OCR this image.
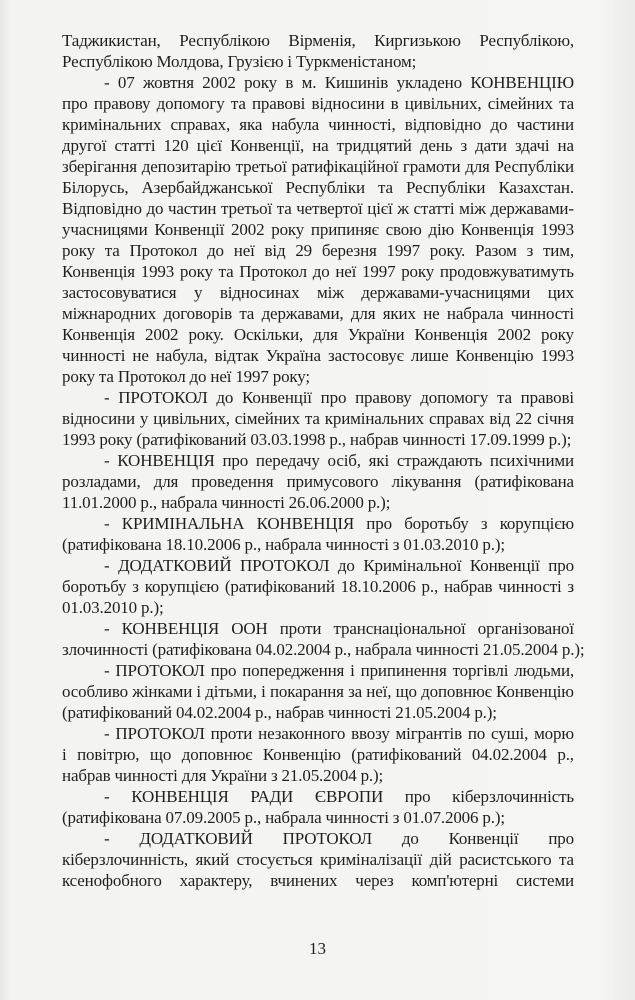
Таджикистан, Республікою Вірменія, Киргизькою Республікою,
Республікою Молдова, Грузією і Туркменістаном;
- 07 жовтня 2002 року в м. Кишинів укладено КОНВЕНЦІЮ
про правову допомогу та правові відносини в цивільних, сімейних та
кримінальних справах, яка набула чинності, відповідно до частини
другої статті 120 цієї Конвенції, на тридцятий день з дати здачі на
зберігання депозитарію третьої ратифікаційної грамоти для Республіки
Білорусь, Азербайджанської Республіки та Республіки Казахстан.
Відповідно до частин третьої та четвертої цієї ж статті між державами-
учасницями Конвенції 2002 року припиняє свою дію Конвенція 1993
року та Протокол до неї від 29 березня 1997 року. Разом з тим,
Конвенція 1993 року та Протокол до неї 1997 року продовжуватимуть
застосовуватися у відносинах між державами-учасницями цих
міжнародних договорів та державами, для яких не набрала чинності
Конвенція 2002 року. Оскільки, для України Конвенція 2002 року
чинності не набула, відтак Україна застосовує лише Конвенцію 1993
року та Протокол до неї 1997 року;
- ПРОТОКОЛ до Конвенції про правову допомогу та правові
відносини у цивільних, сімейних та кримінальних справах від 22 січня
1993 року (ратифікований 03.03.1998 р., набрав чинності 17.09.1999 р.);
- КОНВЕНЦІЯ про передачу осіб, які страждають психічними
розладами, для проведення примусового лікування (ратифікована
11.01.2000 р., набрала чинності 26.06.2000 р.);
- КРИМІНАЛЬНА КОНВЕНЦІЯ про боротьбу з корупцією
(ратифікована 18.10.2006 р., набрала чинності з 01.03.2010 р.);
- ДОДАТКОВИЙ ПРОТОКОЛ до Кримінальної Конвенції про
боротьбу з корупцією (ратифікований 18.10.2006 р., набрав чинності з
01.03.2010 р.);
- КОНВЕНЦІЯ ООН проти транснаціональної організованої
злочинності (ратифікована 04.02.2004 р., набрала чинності 21.05.2004 р.);
- ПРОТОКОЛ про попередження і припинення торгівлі людьми,
особливо жінками і дітьми, і покарання за неї, що доповнює Конвенцію
(ратифікований 04.02.2004 р., набрав чинності 21.05.2004 р.);
- ПРОТОКОЛ проти незаконного ввозу мігрантів по суші, морю
і повітрю, що доповнює Конвенцію (ратифікований 04.02.2004 р.,
набрав чинності для України з 21.05.2004 р.);
- КОНВЕНЦІЯ РАДИ ЄВРОПИ про кіберзлочинність
(ратифікована 07.09.2005 р., набрала чинності з 01.07.2006 р.);
- ДОДАТКОВИЙ ПРОТОКОЛ до Конвенції про
кіберзлочинність, який стосується криміналізації дій расистського та
ксенофобного характеру, вчинених через комп'ютерні системи
13
